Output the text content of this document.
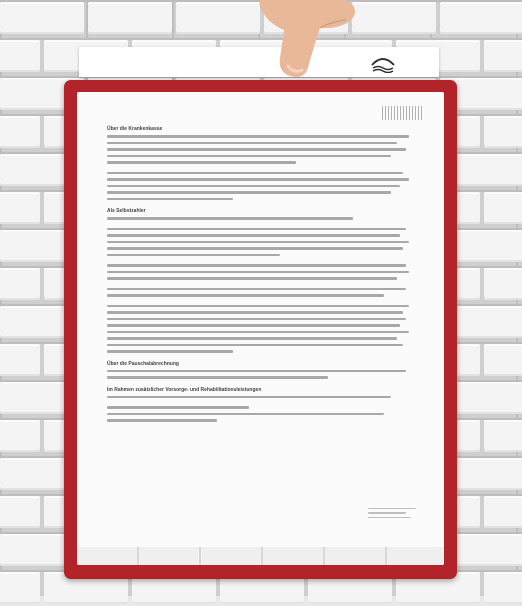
Über die Krankenkasse
Als Selbstzahler
Über die Pauschalabrechnung
Im Rahmen zusätzlicher Vorsorge- und Rehabilitationsleistungen
